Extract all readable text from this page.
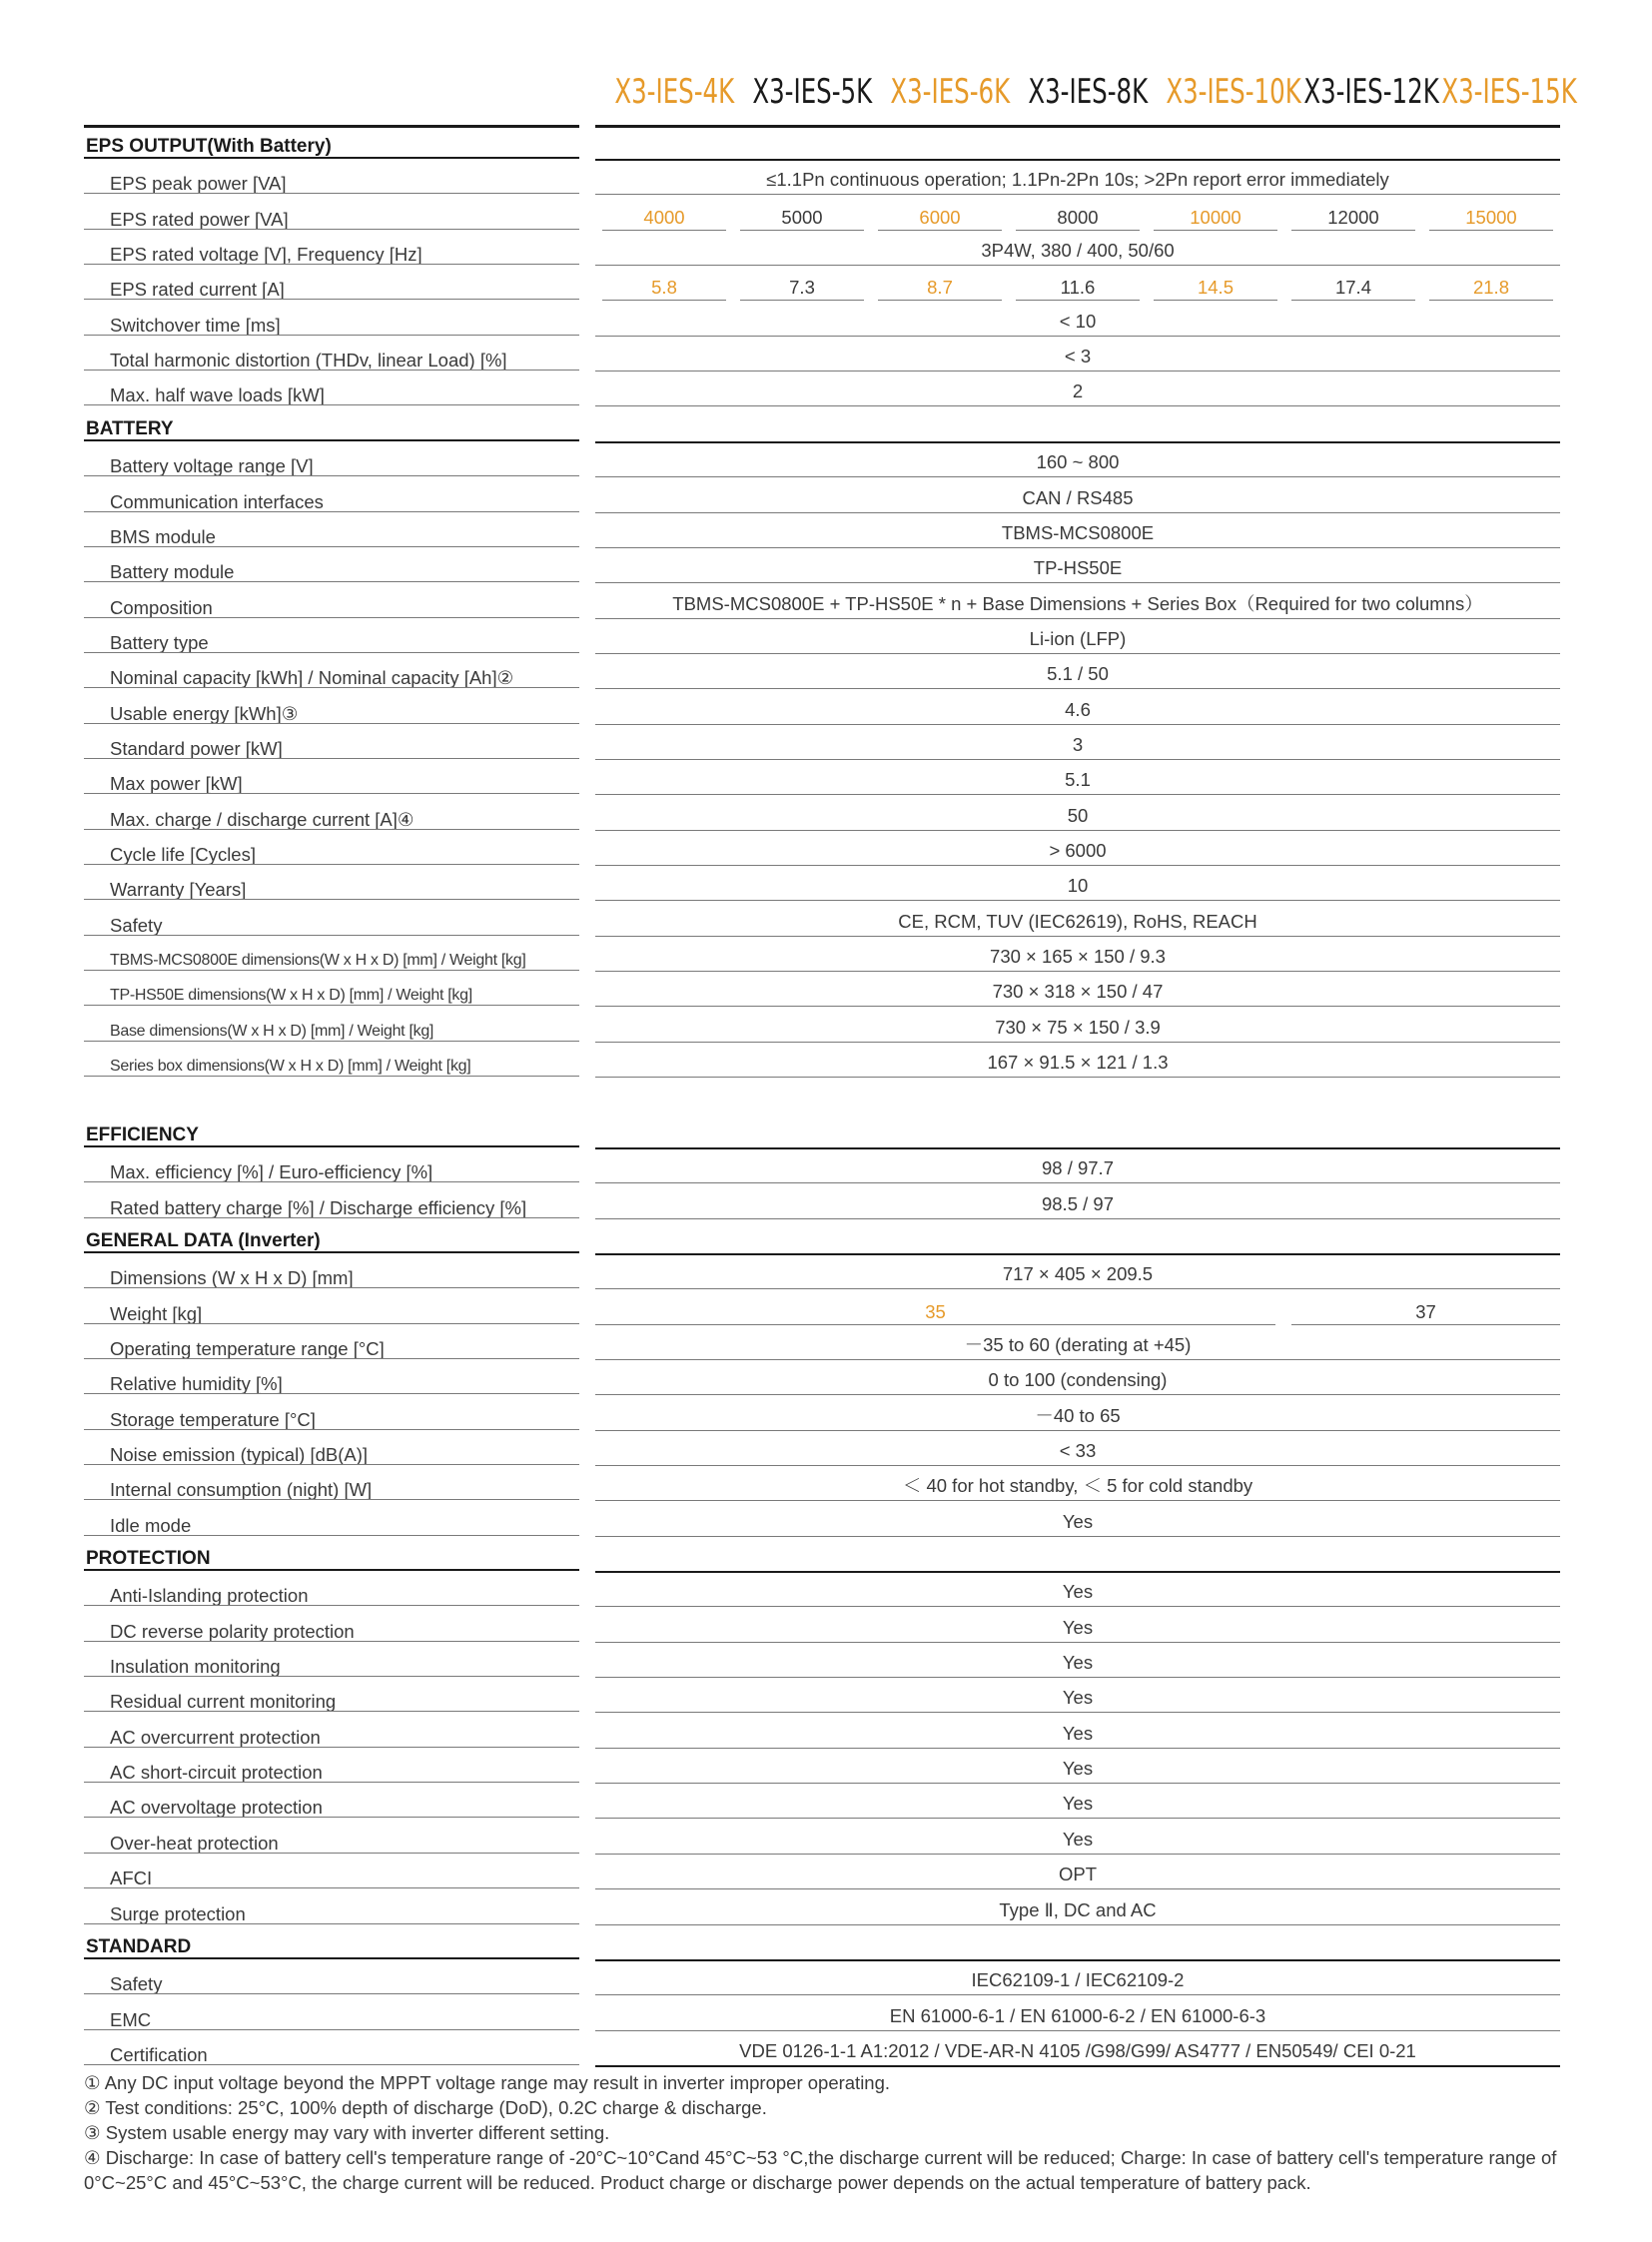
X3-IES-4K X3-IES-5K X3-IES-6K X3-IES-8K X3-IES-10K X3-IES-12K X3-IES-15K
EPS OUTPUT(With Battery)
EPS peak power [VA]	≤1.1Pn continuous operation; 1.1Pn-2Pn 10s; >2Pn report error immediately
EPS rated power [VA]	4000	5000	6000	8000	10000	12000	15000
EPS rated voltage [V], Frequency [Hz]	3P4W, 380 / 400, 50/60
EPS rated current [A]	5.8	7.3	8.7	11.6	14.5	17.4	21.8
Switchover time [ms]	< 10
Total harmonic distortion (THDv, linear Load) [%]	< 3
Max. half wave loads [kW]	2
BATTERY
Battery voltage range [V]	160 ~ 800
Communication interfaces	CAN / RS485
BMS module	TBMS-MCS0800E
Battery module	TP-HS50E
Composition	TBMS-MCS0800E + TP-HS50E * n + Base Dimensions + Series Box（Required for two columns）
Battery type	Li-ion (LFP)
Nominal capacity [kWh] / Nominal capacity [Ah]②	5.1 / 50
Usable energy [kWh]③	4.6
Standard power [kW]	3
Max power [kW]	5.1
Max. charge / discharge current [A]④	50
Cycle life [Cycles]	> 6000
Warranty [Years]	10
Safety	CE, RCM, TUV (IEC62619), RoHS, REACH
TBMS-MCS0800E dimensions(W x H x D) [mm] / Weight [kg]	730 × 165 × 150 / 9.3
TP-HS50E dimensions(W x H x D) [mm] / Weight [kg]	730 × 318 × 150 / 47
Base dimensions(W x H x D) [mm] / Weight [kg]	730 × 75 × 150 / 3.9
Series box dimensions(W x H x D) [mm] / Weight [kg]	167 × 91.5 × 121 / 1.3
EFFICIENCY
Max. efficiency [%] / Euro-efficiency [%]	98 / 97.7
Rated battery charge [%] / Discharge efficiency [%]	98.5 / 97
GENERAL DATA (Inverter)
Dimensions (W x H x D) [mm]	717 × 405 × 209.5
Weight [kg]	35	37
Operating temperature range [°C]	－35 to 60 (derating at +45)
Relative humidity [%]	0 to 100 (condensing)
Storage temperature [°C]	－40 to 65
Noise emission (typical) [dB(A)]	< 33
Internal consumption (night) [W]	＜ 40 for hot standby, ＜ 5 for cold standby
Idle mode	Yes
PROTECTION
Anti-Islanding protection	Yes
DC reverse polarity protection	Yes
Insulation monitoring	Yes
Residual current monitoring	Yes
AC overcurrent protection	Yes
AC short-circuit protection	Yes
AC overvoltage protection	Yes
Over-heat protection	Yes
AFCI	OPT
Surge protection	Type Ⅱ, DC and AC
STANDARD
Safety	IEC62109-1 / IEC62109-2
EMC	EN 61000-6-1 / EN 61000-6-2 / EN 61000-6-3
Certification	VDE 0126-1-1 A1:2012 / VDE-AR-N 4105 /G98/G99/ AS4777 / EN50549/ CEI 0-21
① Any DC input voltage beyond the MPPT voltage range may result in inverter improper operating.
② Test conditions: 25°C, 100% depth of discharge (DoD), 0.2C charge & discharge.
③ System usable energy may vary with inverter different setting.
④ Discharge: In case of battery cell's temperature range of -20°C~10°Cand 45°C~53 °C,the discharge current will be reduced; Charge: In case of battery cell's temperature range of 0°C~25°C and 45°C~53°C, the charge current will be reduced. Product charge or discharge power depends on the actual temperature of battery pack.
